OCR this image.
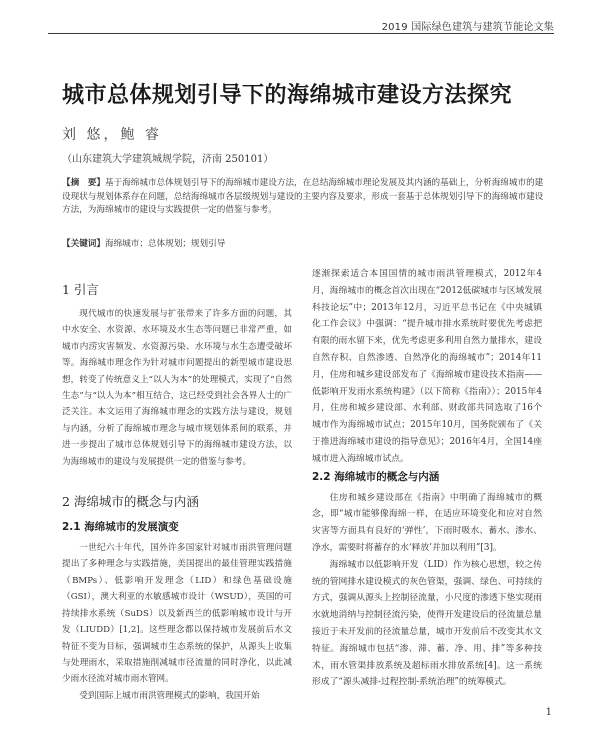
2019 国际绿色建筑与建筑节能论文集
城市总体规划引导下的海绵城市建设方法探究
刘 悠，鲍 睿
（山东建筑大学建筑城规学院，济南 250101）
【摘　要】基于海绵城市总体规划引导下的海绵城市建设方法，在总结海绵城市理论发展及其内涵的基础上，分析海绵城市的建设现状与规划体系存在问题，总结海绵城市各层级规划与建设的主要内容及要求，形成一套基于总体规划引导下的海绵城市建设方法，为海绵城市的建设与实践提供一定的借鉴与参考。
【关键词】海绵城市；总体规划；规划引导
1 引言

现代城市的快速发展与扩张带来了许多方面的问题，其中水安全、水资源、水环境及水生态等问题已非常严重，如城市内涝灾害频发、水资源污染、水环境与水生态遭受破坏等。海绵城市理念作为针对城市问题提出的新型城市建设思想，转变了传统意义上“以人为本”的处理模式，实现了“自然生态”与“以人为本”相互结合，这已经受到社会各界人士的广泛关注。本文运用了海绵城市理念的实践方法与建设，规划与内涵，分析了海绵城市理念与城市规划体系间的联系，并进一步提出了城市总体规划引导下的海绵城市建设方法，以为海绵城市的建设与发展提供一定的借鉴与参考。

2 海绵城市的概念与内涵
2.1 海绵城市的发展演变

一世纪六十年代，国外许多国家针对城市雨洪管理问题提出了多种理念与实践措施，美国提出的最佳管理实践措施（BMPs）、低影响开发理念（LID）和绿色基础设施（GSI），澳大利亚的水敏感城市设计（WSUD），英国的可持续排水系统（SuDS）以及新西兰的低影响城市设计与开发（LIUDD）[1,2]。这些理念都以保持城市发展前后水文特征不变为目标，强调城市生态系统的保护，从源头上收集与处理雨水，采取措施削减城市径流量的同时净化，以此减少雨水径流对城市雨水管网。

受到国际上城市雨洪管理模式的影响，我国开始

逐渐探索适合本国国情的城市雨洪管理模式，2012年4月，海绵城市的概念首次出现在“2012低碳城市与区域发展科技论坛”中；2013年12月，习近平总书记在《中央城镇化工作会议》中强调：“提升城市排水系统时要优先考虑把有限的雨水留下来，优先考虑更多利用自然力量排水，建设自然存积、自然渗透、自然净化的海绵城市”；2014年11月，住房和城乡建设部发布了《海绵城市建设技术指南——低影响开发雨水系统构建》（以下简称《指南》）；2015年4月，住房和城乡建设部、水利部、财政部共同选取了16个城市作为海绵城市试点；2015年10月，国务院颁布了《关于推进海绵城市建设的指导意见》；2016年4月，全国14座城市进入海绵城市试点。

2.2 海绵城市的概念与内涵

住房和城乡建设部在《指南》中明确了海绵城市的概念，即“城市能够像海绵一样，在适应环境变化和应对自然灾害等方面具有良好的‘弹性’，下雨时吸水、蓄水、渗水、净水，需要时将蓄存的水‘释放’并加以利用”[3]。

海绵城市以低影响开发（LID）作为核心思想，较之传统的管网排水建设模式的灰色管渠，强调、绿色、可持续的方式，强调从源头上控制径流量，小尺度的渗透下垫实现雨水就地消纳与控制径流污染，使得开发建设后的径流量总量接近于未开发前的径流量总量，城市开发前后不改变其水文特征。海绵城市包括“渗、滞、蓄、净、用、排”等多种技术，雨水管渠排放系统及超标雨水排放系统[4]。这一系统形成了“源头减排-过程控制-系统治理”的统筹模式。

1
